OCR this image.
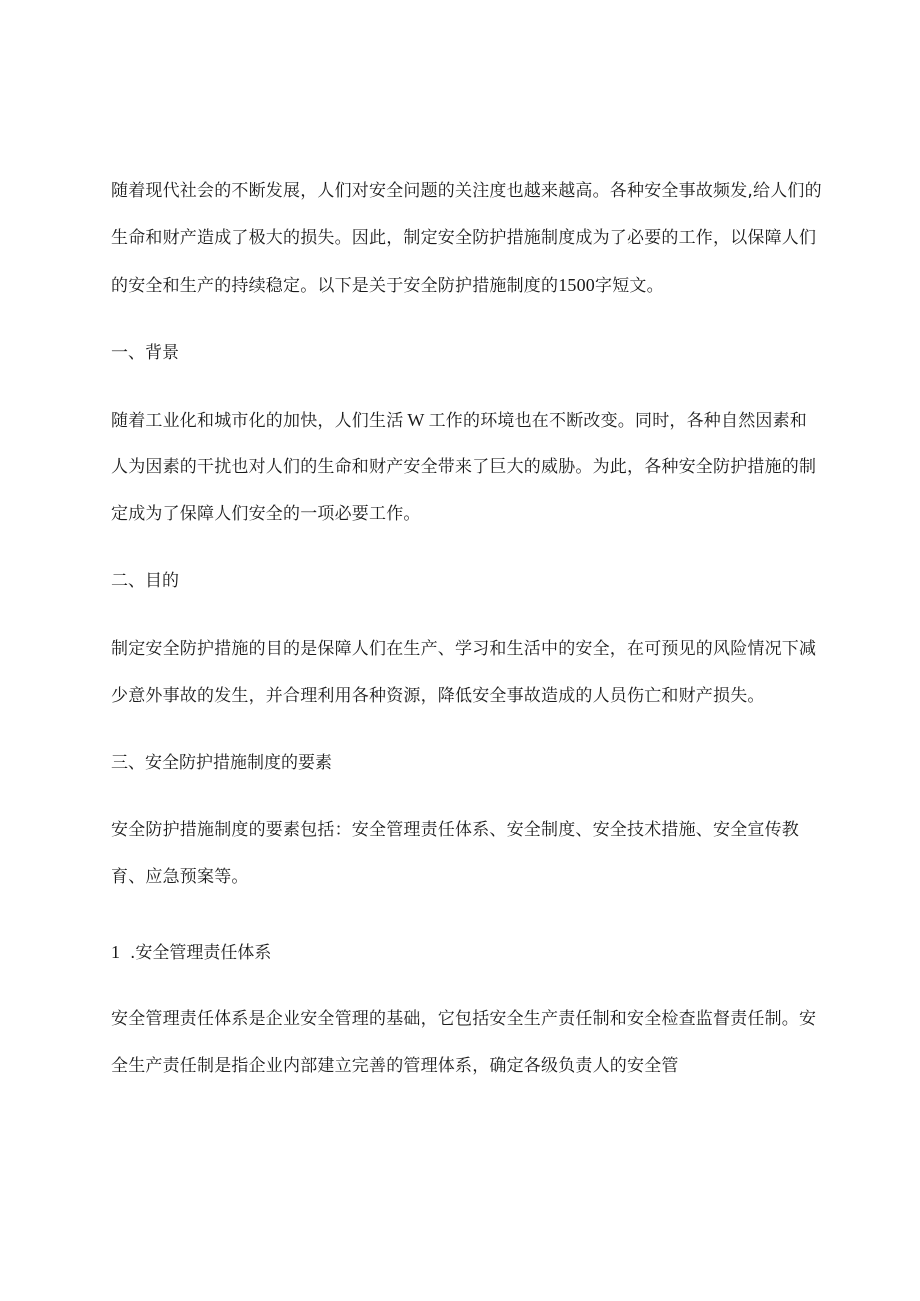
随着现代社会的不断发展，人们对安全问题的关注度也越来越高。各种安全事故频发,给人们的
生命和财产造成了极大的损失。因此，制定安全防护措施制度成为了必要的工作，以保障人们
的安全和生产的持续稳定。以下是关于安全防护措施制度的1500字短文。

一、背景

随着工业化和城市化的加快，人们生活 W 工作的环境也在不断改变。同时，各种自然因素和
人为因素的干扰也对人们的生命和财产安全带来了巨大的威胁。为此，各种安全防护措施的制
定成为了保障人们安全的一项必要工作。

二、目的

制定安全防护措施的目的是保障人们在生产、学习和生活中的安全，在可预见的风险情况下减
少意外事故的发生，并合理利用各种资源，降低安全事故造成的人员伤亡和财产损失。

三、安全防护措施制度的要素

安全防护措施制度的要素包括：安全管理责任体系、安全制度、安全技术措施、安全宣传教
育、应急预案等。

1 .安全管理责任体系

安全管理责任体系是企业安全管理的基础，它包括安全生产责任制和安全检查监督责任制。安
全生产责任制是指企业内部建立完善的管理体系，确定各级负责人的安全管
